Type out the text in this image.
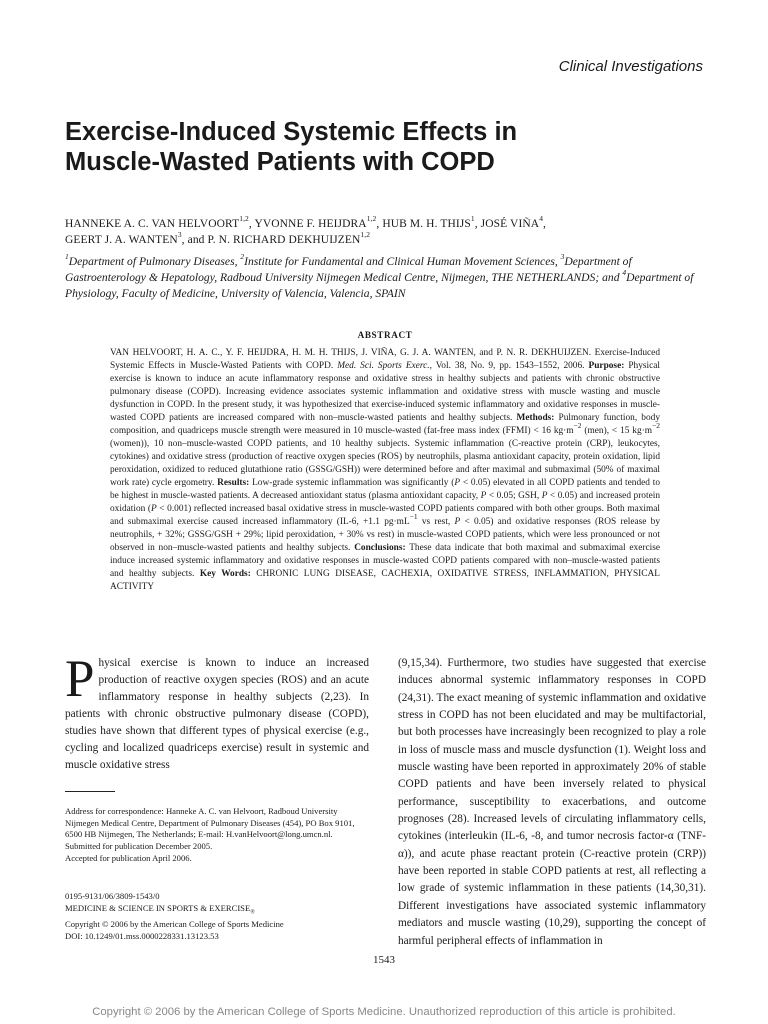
Clinical Investigations
Exercise-Induced Systemic Effects in
Muscle-Wasted Patients with COPD
HANNEKE A. C. VAN HELVOORT$^{1,2}$, YVONNE F. HEIJDRA$^{1,2}$, HUB M. H. THIJS$^1$, JOSÉ VIÑA$^4$,
GEERT J. A. WANTEN$^3$, and P. N. RICHARD DEKHUIJZEN$^{1,2}$
$^1$Department of Pulmonary Diseases, $^2$Institute for Fundamental and Clinical Human Movement Sciences, $^3$Department of Gastroenterology & Hepatology, Radboud University Nijmegen Medical Centre, Nijmegen, THE NETHERLANDS; and $^4$Department of Physiology, Faculty of Medicine, University of Valencia, Valencia, SPAIN
ABSTRACT
VAN HELVOORT, H. A. C., Y. F. HEIJDRA, H. M. H. THIJS, J. VIÑA, G. J. A. WANTEN, and P. N. R. DEKHUIJZEN. Exercise-Induced Systemic Effects in Muscle-Wasted Patients with COPD. Med. Sci. Sports Exerc., Vol. 38, No. 9, pp. 1543–1552, 2006. Purpose: Physical exercise is known to induce an acute inflammatory response and oxidative stress in healthy subjects and patients with chronic obstructive pulmonary disease (COPD). Increasing evidence associates systemic inflammation and oxidative stress with muscle wasting and muscle dysfunction in COPD. In the present study, it was hypothesized that exercise-induced systemic inflammatory and oxidative responses in muscle-wasted COPD patients are increased compared with non–muscle-wasted patients and healthy subjects. Methods: Pulmonary function, body composition, and quadriceps muscle strength were measured in 10 muscle-wasted (fat-free mass index (FFMI) < 16 $kg\cdot m^{-2}$ (men), < 15 $kg\cdot m^{-2}$ (women)), 10 non–muscle-wasted COPD patients, and 10 healthy subjects. Systemic inflammation (C-reactive protein (CRP), leukocytes, cytokines) and oxidative stress (production of reactive oxygen species (ROS) by neutrophils, plasma antioxidant capacity, protein oxidation, lipid peroxidation, oxidized to reduced glutathione ratio (GSSG/GSH)) were determined before and after maximal and submaximal (50% of maximal work rate) cycle ergometry. Results: Low-grade systemic inflammation was significantly (P < 0.05) elevated in all COPD patients and tended to be highest in muscle-wasted patients. A decreased antioxidant status (plasma antioxidant capacity, P < 0.05; GSH, P < 0.05) and increased protein oxidation (P < 0.001) reflected increased basal oxidative stress in muscle-wasted COPD patients compared with both other groups. Both maximal and submaximal exercise caused increased inflammatory (IL-6, +1.1 $pg\cdot mL^{-1}$ vs rest, P < 0.05) and oxidative responses (ROS release by neutrophils, + 32%; GSSG/GSH + 29%; lipid peroxidation, + 30% vs rest) in muscle-wasted COPD patients, which were less pronounced or not observed in non–muscle-wasted patients and healthy subjects. Conclusions: These data indicate that both maximal and submaximal exercise induce increased systemic inflammatory and oxidative responses in muscle-wasted COPD patients compared with non–muscle-wasted patients and healthy subjects. Key Words: CHRONIC LUNG DISEASE, CACHEXIA, OXIDATIVE STRESS, INFLAMMATION, PHYSICAL ACTIVITY
Physical exercise is known to induce an increased production of reactive oxygen species (ROS) and an acute inflammatory response in healthy subjects (2,23). In patients with chronic obstructive pulmonary disease (COPD), studies have shown that different types of physical exercise (e.g., cycling and localized quadriceps exercise) result in systemic and muscle oxidative stress
(9,15,34). Furthermore, two studies have suggested that exercise induces abnormal systemic inflammatory responses in COPD (24,31). The exact meaning of systemic inflammation and oxidative stress in COPD has not been elucidated and may be multifactorial, but both processes have increasingly been recognized to play a role in loss of muscle mass and muscle dysfunction (1). Weight loss and muscle wasting have been reported in approximately 20% of stable COPD patients and have been inversely related to physical performance, susceptibility to exacerbations, and outcome prognoses (28). Increased levels of circulating inflammatory cells, cytokines (interleukin (IL-6, -8, and tumor necrosis factor-α (TNF-α)), and acute phase reactant protein (C-reactive protein (CRP)) have been reported in stable COPD patients at rest, all reflecting a low grade of systemic inflammation in these patients (14,30,31). Different investigations have associated systemic inflammatory mediators and muscle wasting (10,29), supporting the concept of harmful peripheral effects of inflammation in
Address for correspondence: Hanneke A. C. van Helvoort, Radboud University Nijmegen Medical Centre, Department of Pulmonary Diseases (454), PO Box 9101, 6500 HB Nijmegen, The Netherlands; E-mail: H.vanHelvoort@long.umcn.nl.
Submitted for publication December 2005.
Accepted for publication April 2006.
0195-9131/06/3809-1543/0
MEDICINE & SCIENCE IN SPORTS & $EXERCISE_®$
Copyright © 2006 by the American College of Sports Medicine
DOI: 10.1249/01.mss.0000228331.13123.53
1543
Copyright © 2006 by the American College of Sports Medicine. Unauthorized reproduction of this article is prohibited.
